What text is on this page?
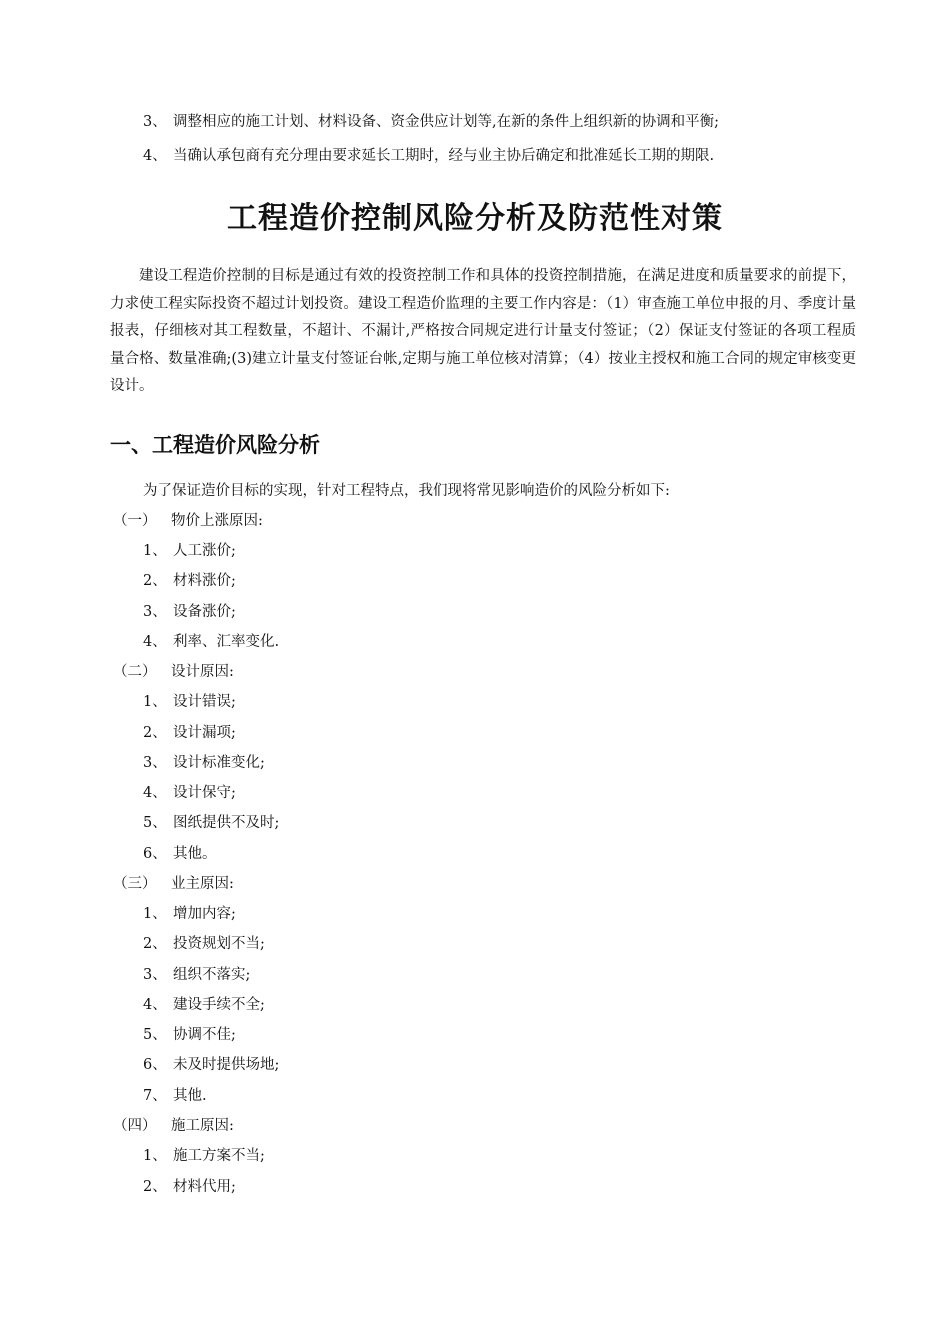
3、 调整相应的施工计划、材料设备、资金供应计划等,在新的条件上组织新的协调和平衡;
4、 当确认承包商有充分理由要求延长工期时，经与业主协后确定和批准延长工期的期限.
工程造价控制风险分析及防范性对策
建设工程造价控制的目标是通过有效的投资控制工作和具体的投资控制措施，在满足进度和质量要求的前提下，力求使工程实际投资不超过计划投资。建设工程造价监理的主要工作内容是：（1）审查施工单位申报的月、季度计量报表，仔细核对其工程数量，不超计、不漏计,严格按合同规定进行计量支付签证；（2）保证支付签证的各项工程质量合格、数量准确;(3)建立计量支付签证台帐,定期与施工单位核对清算；（4）按业主授权和施工合同的规定审核变更设计。
一、工程造价风险分析
为了保证造价目标的实现，针对工程特点，我们现将常见影响造价的风险分析如下:
（一） 物价上涨原因:
1、 人工涨价;
2、 材料涨价;
3、 设备涨价;
4、 利率、汇率变化.
（二） 设计原因:
1、 设计错误;
2、 设计漏项;
3、 设计标准变化;
4、 设计保守;
5、 图纸提供不及时;
6、 其他。
（三） 业主原因:
1、 增加内容;
2、 投资规划不当;
3、 组织不落实;
4、 建设手续不全;
5、 协调不佳;
6、 未及时提供场地;
7、 其他.
（四） 施工原因:
1、 施工方案不当;
2、 材料代用;
